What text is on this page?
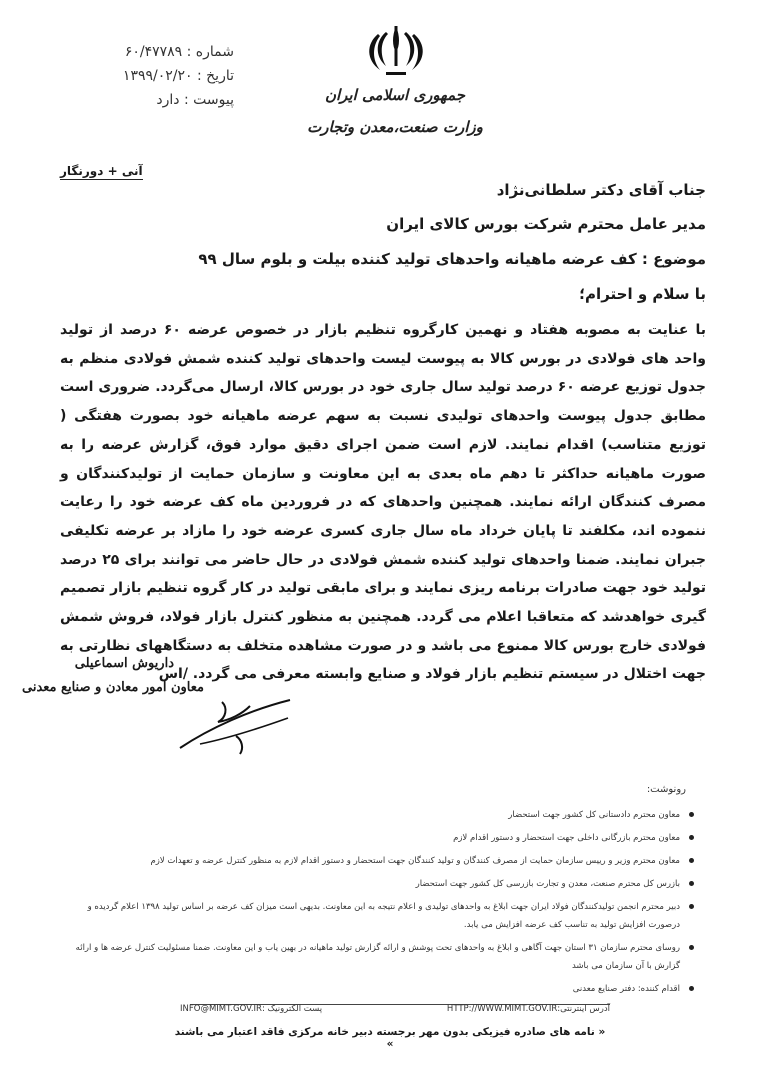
شماره : ۶۰/۴۷۷۸۹
تاریخ : ۱۳۹۹/۰۲/۲۰
پیوست : دارد	جمهوری اسلامی ایران
وزارت صنعت،معدن وتجارت
آنی + دورنگار
جناب آقای دکتر سلطانی‌نژاد
مدیر عامل محترم شرکت بورس کالای ایران
موضوع : کف عرضه ماهیانه واحدهای تولید کننده بیلت و بلوم سال ۹۹
با سلام و احترام؛
با عنایت به مصوبه هفتاد و نهمین کارگروه تنظیم بازار در خصوص عرضه ۶۰ درصد از تولید واحد های فولادی در بورس کالا به پیوست لیست واحدهای تولید کننده شمش فولادی منظم به جدول توزیع عرضه ۶۰ درصد تولید سال جاری خود در بورس کالا، ارسال می‌گردد. ضروری است مطابق جدول پیوست واحدهای تولیدی نسبت به سهم عرضه ماهیانه خود بصورت هفتگی ( توزیع متناسب) اقدام نمایند. لازم است ضمن اجرای دقیق موارد فوق، گزارش عرضه را به صورت ماهیانه حداکثر تا دهم ماه بعدی به این معاونت و سازمان حمایت از تولیدکنندگان و مصرف کنندگان ارائه نمایند. همچنین واحدهای که در فروردین ماه کف عرضه خود را رعایت ننموده اند، مکلفند تا پایان خرداد ماه سال جاری کسری عرضه خود را مازاد بر عرضه تکلیفی جبران نمایند. ضمنا واحدهای تولید کننده شمش فولادی در حال حاضر می توانند برای ۲۵ درصد تولید خود جهت صادرات برنامه ریزی نمایند و برای مابقی تولید در کار گروه تنظیم بازار تصمیم گیری خواهدشد که متعاقبا اعلام می گردد. همچنین به منظور کنترل بازار فولاد، فروش شمش فولادی خارج بورس کالا ممنوع می باشد و در صورت مشاهده متخلف به دستگاههای نظارتی به جهت اختلال در سیستم تنظیم بازار فولاد و صنایع وابسته معرفی می گردد. /اس
داریوش اسماعیلی
معاون امور معادن و صنایع معدنی
رونوشت:
معاون محترم دادستانی کل کشور جهت استحضار
معاون محترم بازرگانی داخلی جهت استحضار و دستور اقدام لازم
معاون محترم وزیر و رییس سازمان حمایت از مصرف کنندگان و تولید کنندگان جهت استحضار و دستور اقدام لازم به منظور کنترل عرضه و تعهدات لازم
بازرس کل محترم صنعت، معدن و تجارت بازرسی کل کشور جهت استحضار
دبیر محترم انجمن تولیدکنندگان فولاد ایران جهت ابلاغ به واحدهای تولیدی و اعلام نتیجه به این معاونت. بدیهی است میزان کف عرضه بر اساس تولید ۱۳۹۸ اعلام گردیده و درصورت افزایش تولید به تناسب کف عرضه افزایش می یابد.
روسای محترم سازمان ۳۱ استان جهت آگاهی و ابلاغ به واحدهای تحت پوشش و ارائه گزارش تولید ماهیانه در بهین یاب و این معاونت. ضمنا مسئولیت کنترل عرضه ها و ارائه گزارش با آن سازمان می باشد
اقدام کننده: دفتر صنایع معدنی
آدرس اینترنتی:HTTP://WWW.MIMT.GOV.IR
پست الکترونیک :INFO@MIMT.GOV.IR
« نامه های صادره فیزیکی بدون مهر برجسته دبیر خانه مرکزی فاقد اعتبار می باشند »
